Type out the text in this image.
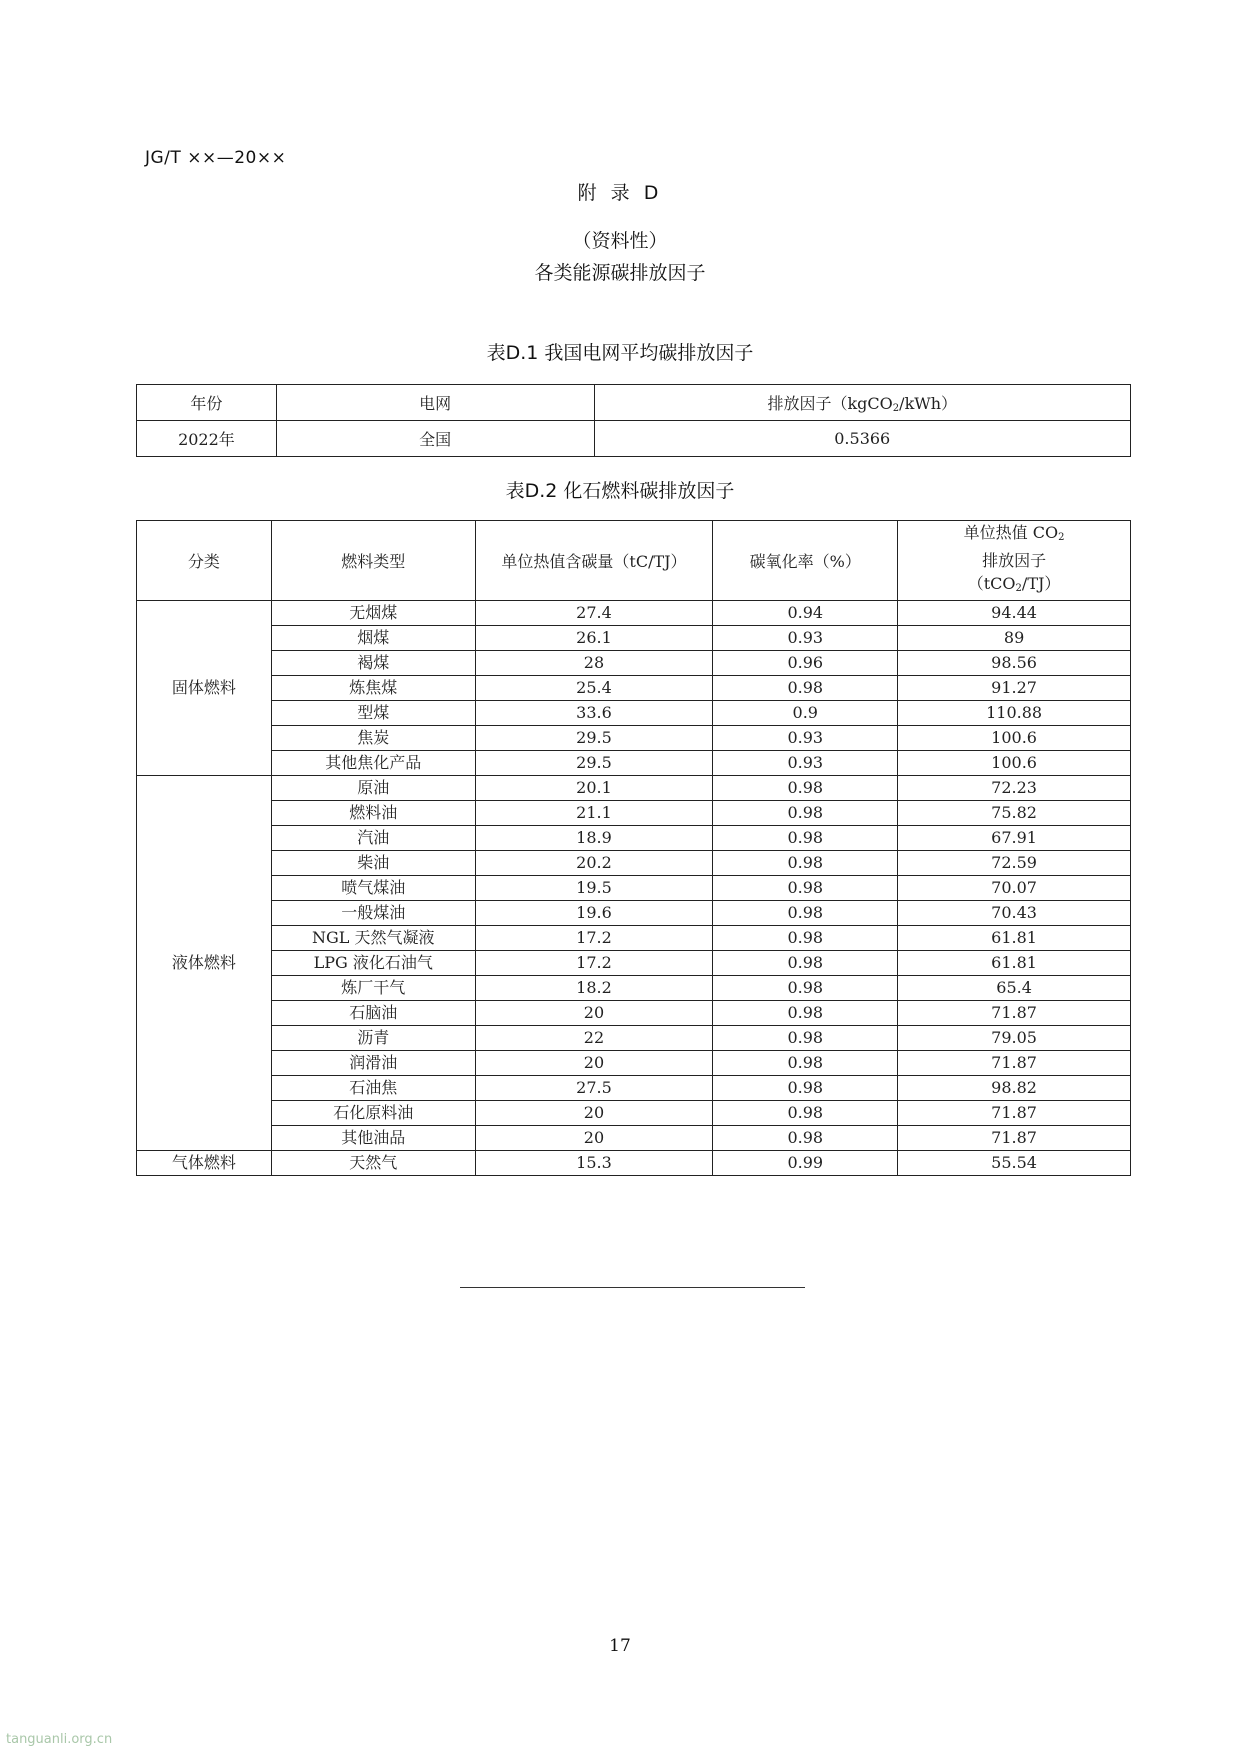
JG/T ××—20××
附 录 D
（资料性）
各类能源碳排放因子
表D.1 我国电网平均碳排放因子
年份	电网	排放因子（kgCO$_2$/kWh）
2022年	全国	0.5366
表D.2 化石燃料碳排放因子
分类	燃料类型	单位热值含碳量（tC/TJ）	碳氧化率（%）	单位热值 $CO_2$
排放因子
（tCO$_2$/TJ）
固体燃料	无烟煤	27.4	0.94	94.44
	烟煤	26.1	0.93	89
	褐煤	28	0.96	98.56
	炼焦煤	25.4	0.98	91.27
	型煤	33.6	0.9	110.88
	焦炭	29.5	0.93	100.6
	其他焦化产品	29.5	0.93	100.6
液体燃料	原油	20.1	0.98	72.23
	燃料油	21.1	0.98	75.82
	汽油	18.9	0.98	67.91
	柴油	20.2	0.98	72.59
	喷气煤油	19.5	0.98	70.07
	一般煤油	19.6	0.98	70.43
	NGL 天然气凝液	17.2	0.98	61.81
	LPG 液化石油气	17.2	0.98	61.81
	炼厂干气	18.2	0.98	65.4
	石脑油	20	0.98	71.87
	沥青	22	0.98	79.05
	润滑油	20	0.98	71.87
	石油焦	27.5	0.98	98.82
	石化原料油	20	0.98	71.87
	其他油品	20	0.98	71.87
气体燃料	天然气	15.3	0.99	55.54
17
tanguanli.org.cn
